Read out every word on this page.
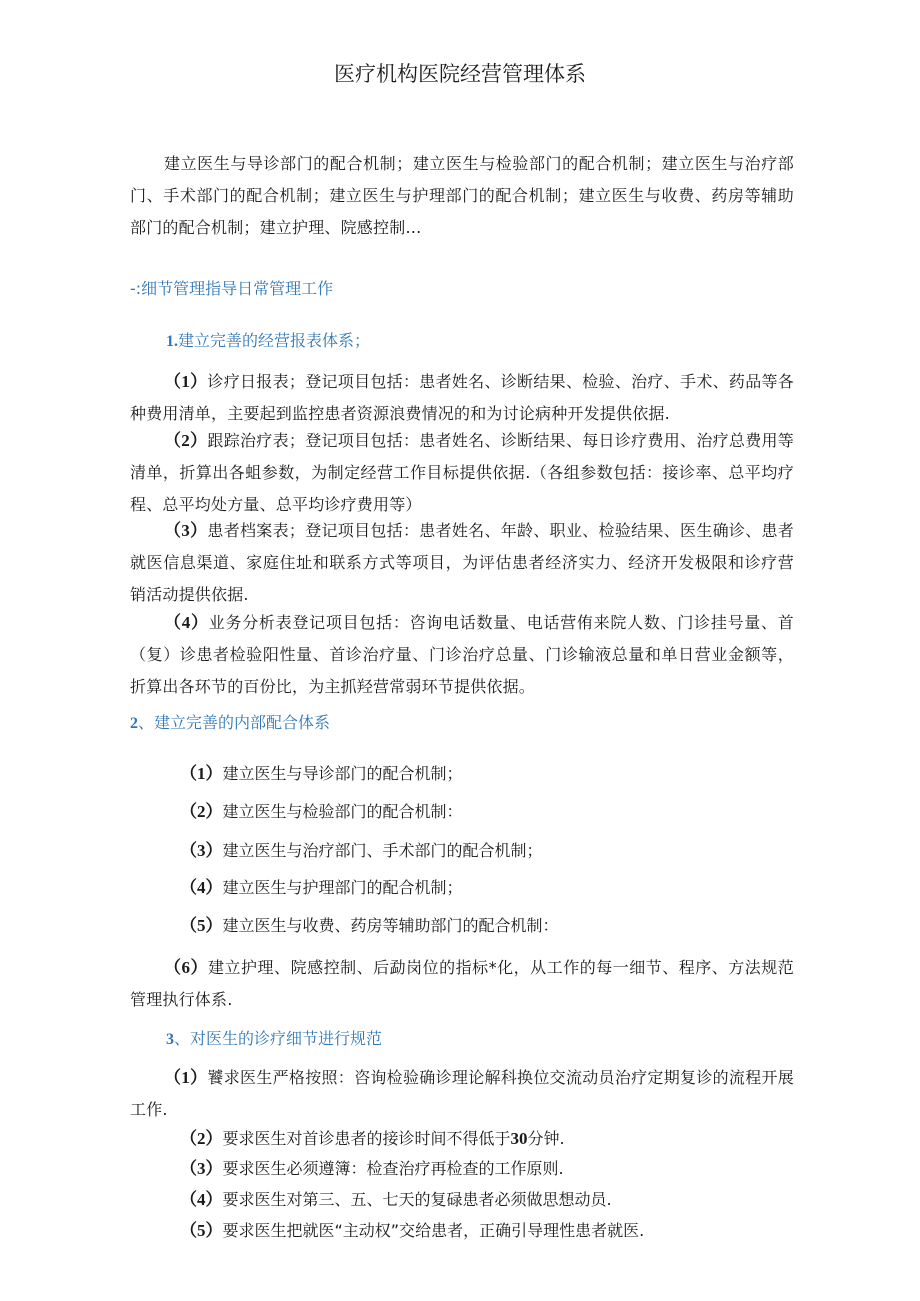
医疗机构医院经营管理体系
建立医生与导诊部门的配合机制；建立医生与检验部门的配合机制；建立医生与治疗部门、手术部门的配合机制；建立医生与护理部门的配合机制；建立医生与收费、药房等辅助部门的配合机制；建立护理、院感控制…
-:细节管理指导日常管理工作
1.建立完善的经营报表体系；
（1）诊疗日报表；登记项目包括：患者姓名、诊断结果、检验、治疗、手术、药品等各种费用清单，主要起到监控患者资源浪费情况的和为讨论病种开发提供依据.
（2）跟踪治疗表；登记项目包括：患者姓名、诊断结果、每日诊疗费用、治疗总费用等清单，折算出各蛆参数，为制定经营工作目标提供依据.（各组参数包括：接诊率、总平均疗程、总平均处方量、总平均诊疗费用等）
（3）患者档案表；登记项目包括：患者姓名、年龄、职业、检验结果、医生确诊、患者就医信息渠道、家庭住址和联系方式等项目，为评估患者经济实力、经济开发极限和诊疗营销活动提供依据.
（4）业务分析表登记项目包括：咨询电话数量、电话营侑来院人数、门诊挂号量、首（复）诊患者检验阳性量、首诊治疗量、门诊治疗总量、门诊输液总量和单日营业金额等，折算出各环节的百份比，为主抓羟营常弱环节提供依据。
2、建立完善的内部配合体系
（1）建立医生与导诊部门的配合机制；
（2）建立医生与检验部门的配合机制：
（3）建立医生与治疗部门、手术部门的配合机制；
（4）建立医生与护理部门的配合机制；
（5）建立医生与收费、药房等辅助部门的配合机制：
（6）建立护理、院感控制、后勐岗位的指标*化，从工作的每一细节、程序、方法规范管理执行体系.
3、对医生的诊疗细节进行规范
（1）饕求医生严格按照：咨询检验确诊理论解科换位交流动员治疗定期复诊的流程开展工作.
（2）要求医生对首诊患者的接诊时间不得低于30分钟.
（3）要求医生必须遵簿：检查治疗再检查的工作原则.
（4）要求医生对第三、五、七天的复碌患者必须做思想动员.
（5）要求医生把就医“主动权”交给患者，正确引导理性患者就医.
